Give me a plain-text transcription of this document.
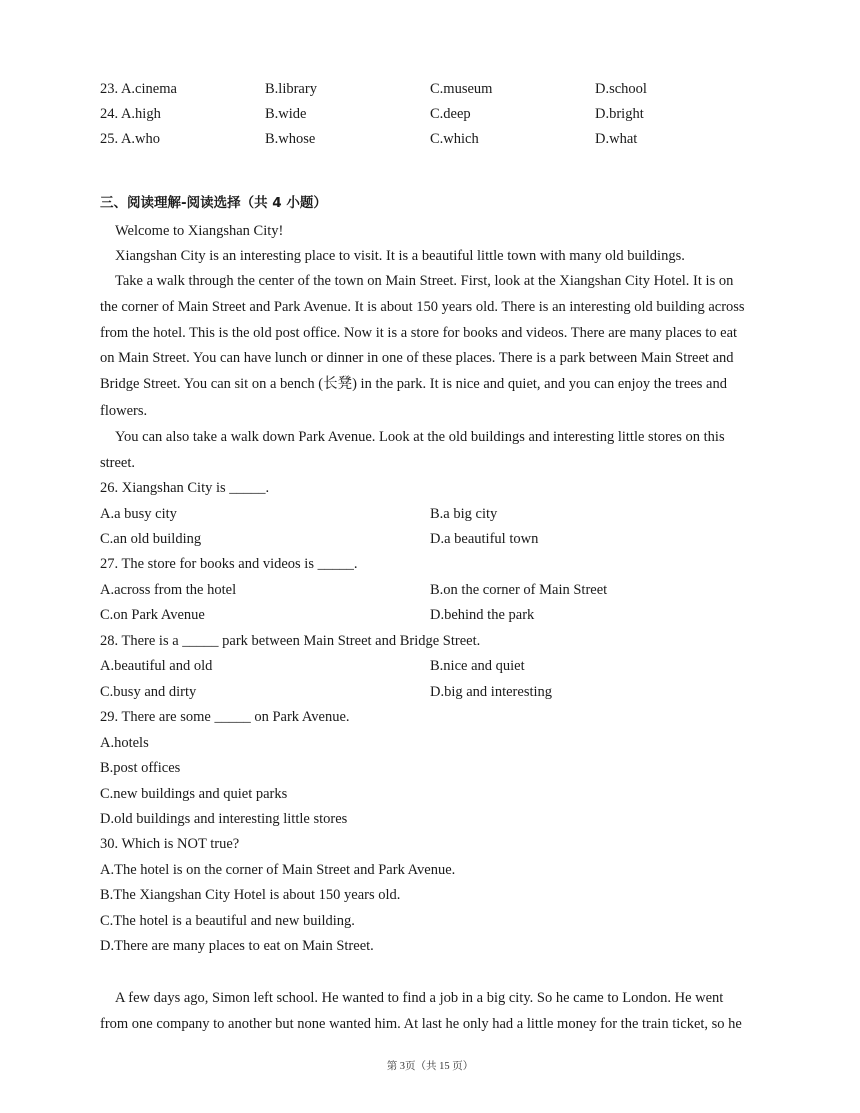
23. A.cinema	B.library	C.museum	D.school
24. A.high	B.wide	C.deep	D.bright
25. A.who	B.whose	C.which	D.what
三、阅读理解-阅读选择（共 4 小题）
Welcome to Xiangshan City!
Xiangshan City is an interesting place to visit. It is a beautiful little town with many old buildings.
Take a walk through the center of the town on Main Street. First, look at the Xiangshan City Hotel. It is on
the corner of Main Street and Park Avenue. It is about 150 years old. There is an interesting old building across
from the hotel. This is the old post office. Now it is a store for books and videos. There are many places to eat
on Main Street. You can have lunch or dinner in one of these places. There is a park between Main Street and
Bridge Street. You can sit on a bench (长凳) in the park. It is nice and quiet, and you can enjoy the trees and
flowers.
You can also take a walk down Park Avenue. Look at the old buildings and interesting little stores on this
street.
26. Xiangshan City is _____.
A.a busy city	B.a big city
C.an old building	D.a beautiful town
27. The store for books and videos is _____.
A.across from the hotel	B.on the corner of Main Street
C.on Park Avenue	D.behind the park
28. There is a _____ park between Main Street and Bridge Street.
A.beautiful and old	B.nice and quiet
C.busy and dirty	D.big and interesting
29. There are some _____ on Park Avenue.
A.hotels
B.post offices
C.new buildings and quiet parks
D.old buildings and interesting little stores
30. Which is NOT true?
A.The hotel is on the corner of Main Street and Park Avenue.
B.The Xiangshan City Hotel is about 150 years old.
C.The hotel is a beautiful and new building.
D.There are many places to eat on Main Street.
A few days ago, Simon left school. He wanted to find a job in a big city. So he came to London. He went
from one company to another but none wanted him. At last he only had a little money for the train ticket, so he
第 3页（共 15 页）
